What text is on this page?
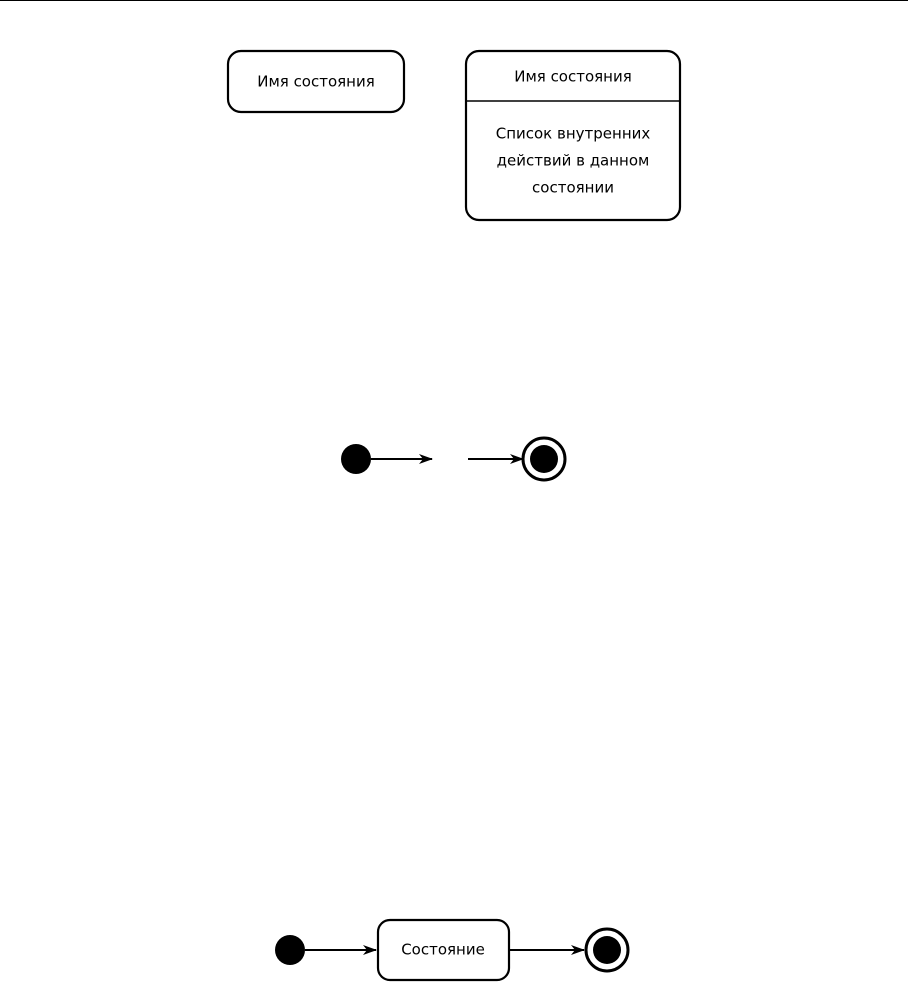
Имя состояния	Имя состояния
Список внутренних
действий в данном
состоянии
Состояние
